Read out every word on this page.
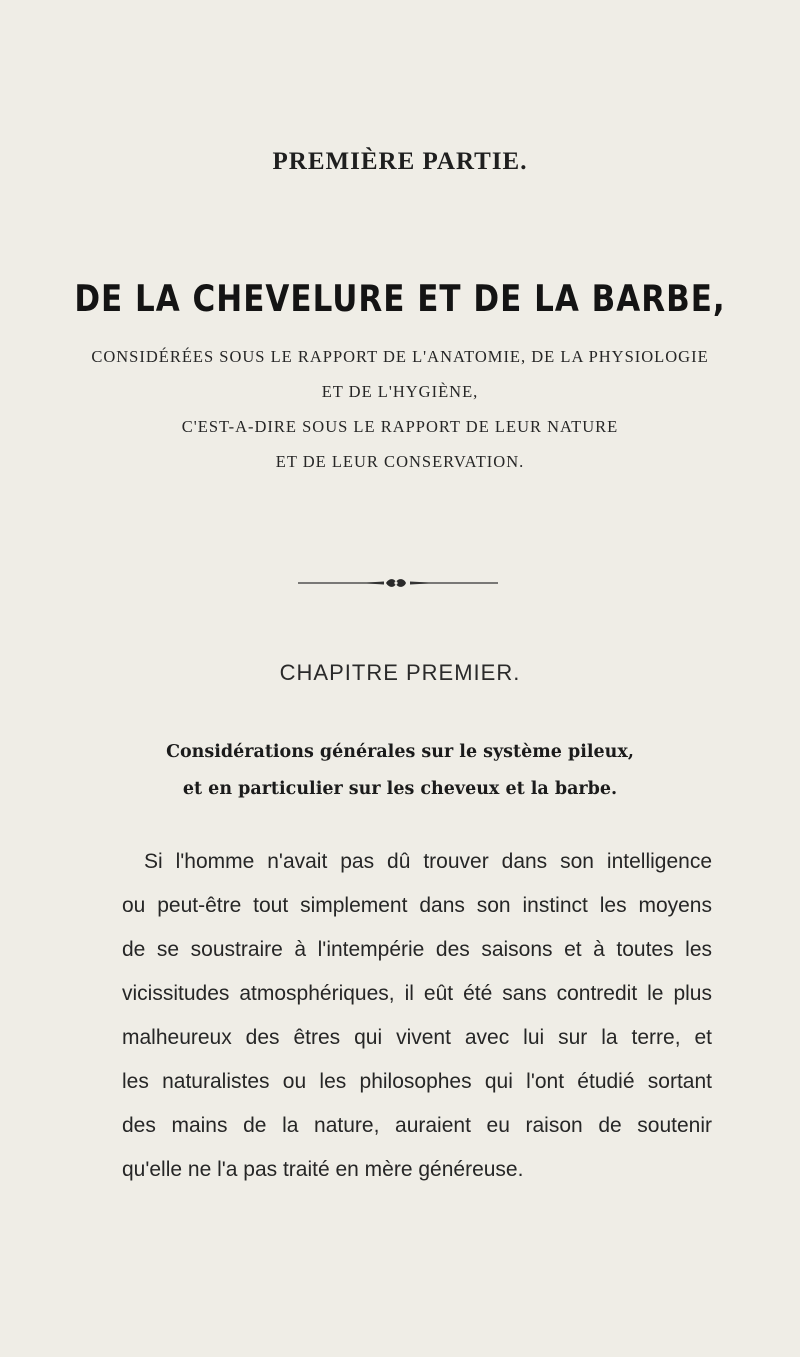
PREMIÈRE PARTIE.
DE LA CHEVELURE ET DE LA BARBE,
CONSIDÉRÉES SOUS LE RAPPORT DE L'ANATOMIE, DE LA PHYSIOLOGIE
ET DE L'HYGIÈNE,
C'EST-A-DIRE SOUS LE RAPPORT DE LEUR NATURE
ET DE LEUR CONSERVATION.
CHAPITRE PREMIER.
Considérations générales sur le système pileux,
et en particulier sur les cheveux et la barbe.
Si l'homme n'avait pas dû trouver dans son intelligence
ou peut-être tout simplement dans son instinct les moyens
de se soustraire à l'intempérie des saisons et à toutes les
vicissitudes atmosphériques, il eût été sans contredit le plus
malheureux des êtres qui vivent avec lui sur la terre, et
les naturalistes ou les philosophes qui l'ont étudié sortant
des mains de la nature, auraient eu raison de soutenir
qu'elle ne l'a pas traité en mère généreuse.
